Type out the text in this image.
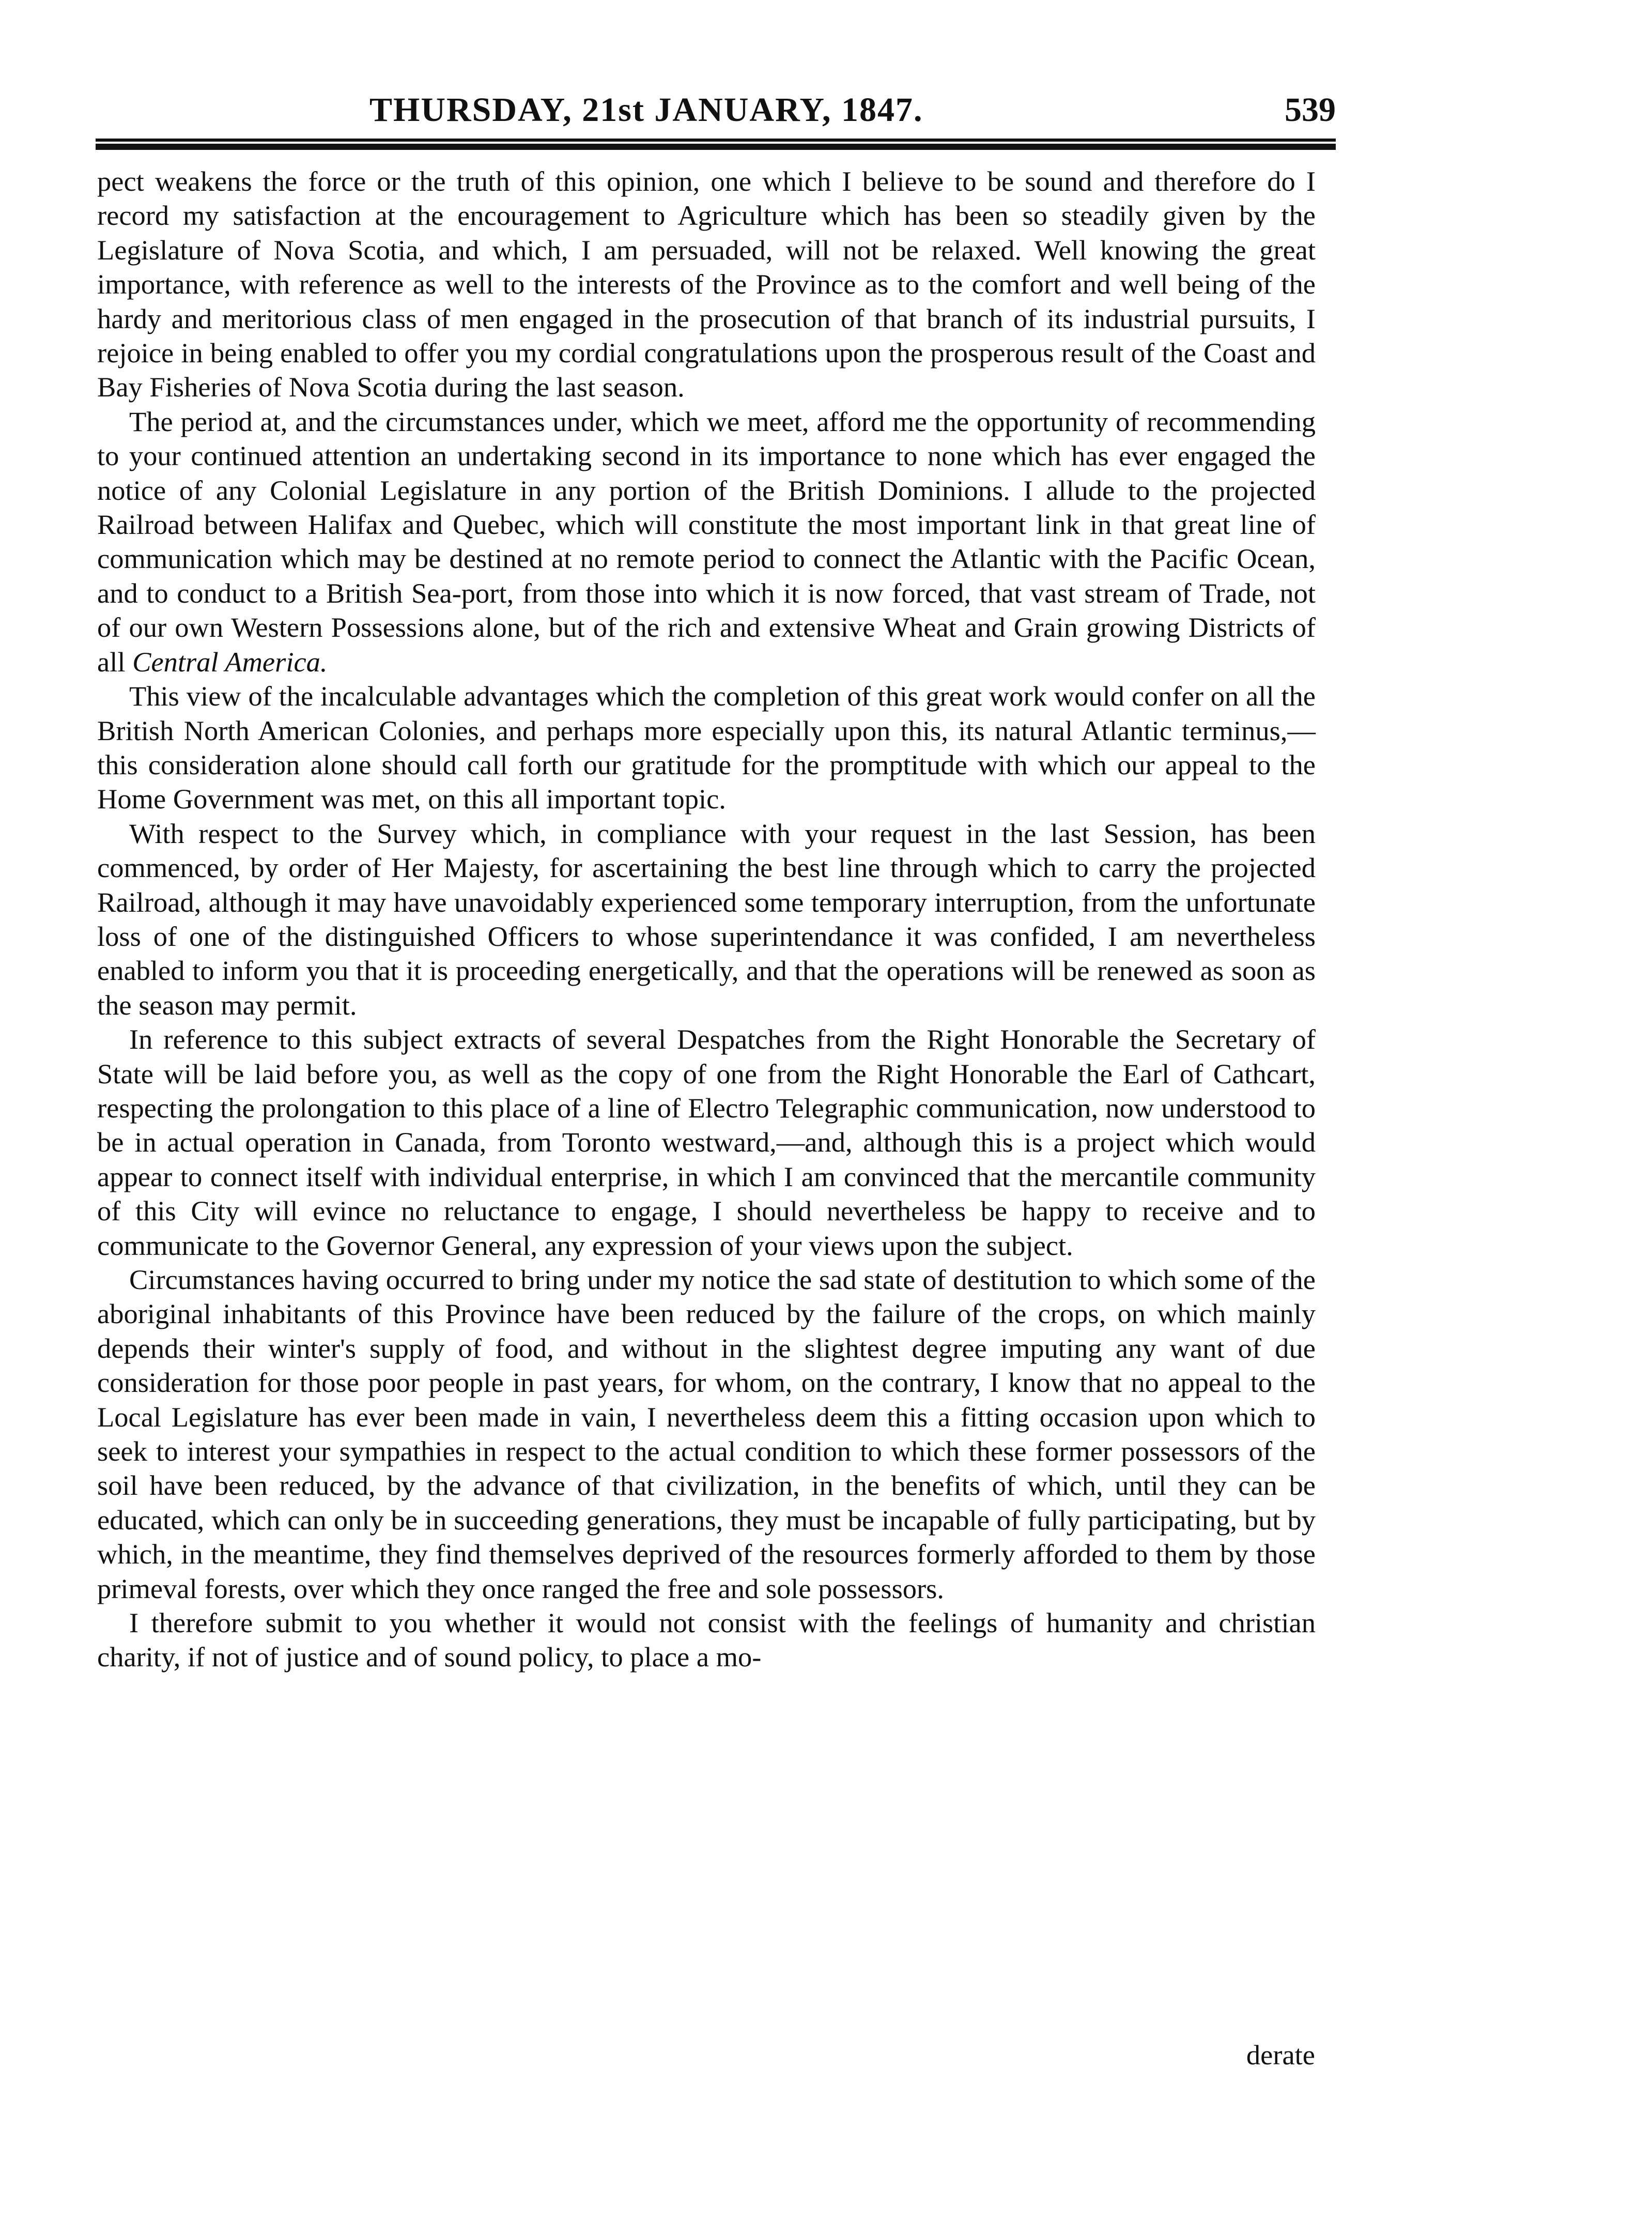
THURSDAY, 21st JANUARY, 1847.	539

pect weakens the force or the truth of this opinion, one which I believe to be sound and therefore do I record my satisfaction at the encouragement to Agriculture which has been so steadily given by the Legislature of Nova Scotia, and which, I am persuaded, will not be relaxed. Well knowing the great importance, with reference as well to the interests of the Province as to the comfort and well being of the hardy and meritorious class of men engaged in the prosecution of that branch of its industrial pursuits, I rejoice in being enabled to offer you my cordial congratulations upon the prosperous result of the Coast and Bay Fisheries of Nova Scotia during the last season.

The period at, and the circumstances under, which we meet, afford me the opportunity of recommending to your continued attention an undertaking second in its importance to none which has ever engaged the notice of any Colonial Legislature in any portion of the British Dominions. I allude to the projected Railroad between Halifax and Quebec, which will constitute the most important link in that great line of communication which may be destined at no remote period to connect the Atlantic with the Pacific Ocean, and to conduct to a British Sea-port, from those into which it is now forced, that vast stream of Trade, not of our own Western Possessions alone, but of the rich and extensive Wheat and Grain growing Districts of all Central America.

This view of the incalculable advantages which the completion of this great work would confer on all the British North American Colonies, and perhaps more especially upon this, its natural Atlantic terminus,—this consideration alone should call forth our gratitude for the promptitude with which our appeal to the Home Government was met, on this all important topic.

With respect to the Survey which, in compliance with your request in the last Session, has been commenced, by order of Her Majesty, for ascertaining the best line through which to carry the projected Railroad, although it may have unavoidably experienced some temporary interruption, from the unfortunate loss of one of the distinguished Officers to whose superintendance it was confided, I am nevertheless enabled to inform you that it is proceeding energetically, and that the operations will be renewed as soon as the season may permit.

In reference to this subject extracts of several Despatches from the Right Honorable the Secretary of State will be laid before you, as well as the copy of one from the Right Honorable the Earl of Cathcart, respecting the prolongation to this place of a line of Electro Telegraphic communication, now understood to be in actual operation in Canada, from Toronto westward,—and, although this is a project which would appear to connect itself with individual enterprise, in which I am convinced that the mercantile community of this City will evince no reluctance to engage, I should nevertheless be happy to receive and to communicate to the Governor General, any expression of your views upon the subject.

Circumstances having occurred to bring under my notice the sad state of destitution to which some of the aboriginal inhabitants of this Province have been reduced by the failure of the crops, on which mainly depends their winter's supply of food, and without in the slightest degree imputing any want of due consideration for those poor people in past years, for whom, on the contrary, I know that no appeal to the Local Legislature has ever been made in vain, I nevertheless deem this a fitting occasion upon which to seek to interest your sympathies in respect to the actual condition to which these former possessors of the soil have been reduced, by the advance of that civilization, in the benefits of which, until they can be educated, which can only be in succeeding generations, they must be incapable of fully participating, but by which, in the meantime, they find themselves deprived of the resources formerly afforded to them by those primeval forests, over which they once ranged the free and sole possessors.

I therefore submit to you whether it would not consist with the feelings of humanity and christian charity, if not of justice and of sound policy, to place a mo-

derate
